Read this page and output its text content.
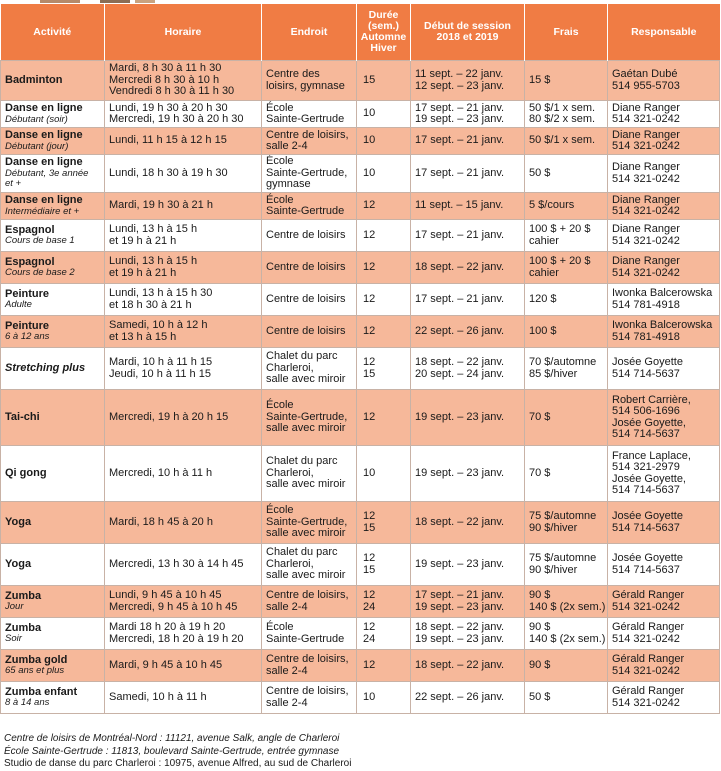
Activité	Horaire	Endroit	Durée
(sem.)
Automne
Hiver	Début de session
2018 et 2019	Frais	Responsable

Badminton	Mardi, 8 h 30 à 11 h 30
Mercredi 8 h 30 à 10 h
Vendredi 8 h 30 à 11 h 30	Centre des
loisirs, gymnase	15	11 sept. – 22 janv.
12 sept. – 23 janv.	15 $	Gaétan Dubé
514 955-5703

Danse en ligne
Débutant (soir)	Lundi, 19 h 30 à 20 h 30
Mercredi, 19 h 30 à 20 h 30	École
Sainte-Gertrude	10	17 sept. – 21 janv.
19 sept. – 23 janv.	50 $/1 x sem.
80 $/2 x sem.	Diane Ranger
514 321-0242

Danse en ligne
Débutant (jour)	Lundi, 11 h 15 à 12 h 15	Centre de loisirs,
salle 2-4	10	17 sept. – 21 janv.	50 $/1 x sem.	Diane Ranger
514 321-0242

Danse en ligne
Débutant, 3e année
et +	Lundi, 18 h 30 à 19 h 30	École
Sainte-Gertrude,
gymnase	10	17 sept. – 21 janv.	50 $	Diane Ranger
514 321-0242

Danse en ligne
Intermédiaire et +	Mardi, 19 h 30 à 21 h	École
Sainte-Gertrude	12	11 sept. – 15 janv.	5 $/cours	Diane Ranger
514 321-0242

Espagnol
Cours de base 1	Lundi, 13 h à 15 h
et 19 h à 21 h	Centre de loisirs	12	17 sept. – 21 janv.	100 $ + 20 $
cahier	Diane Ranger
514 321-0242

Espagnol
Cours de base 2	Lundi, 13 h à 15 h
et 19 h à 21 h	Centre de loisirs	12	18 sept. – 22 janv.	100 $ + 20 $
cahier	Diane Ranger
514 321-0242

Peinture
Adulte	Lundi, 13 h à 15 h 30
et 18 h 30 à 21 h	Centre de loisirs	12	17 sept. – 21 janv.	120 $	Iwonka Balcerowska
514 781-4918

Peinture
6 à 12 ans	Samedi, 10 h à 12 h
et 13 h à 15 h	Centre de loisirs	12	22 sept. – 26 janv.	100 $	Iwonka Balcerowska
514 781-4918

Stretching plus	Mardi, 10 h à 11 h 15
Jeudi, 10 h à 11 h 15	Chalet du parc
Charleroi,
salle avec miroir	12
15	18 sept. – 22 janv.
20 sept. – 24 janv.	70 $/automne
85 $/hiver	Josée Goyette
514 714-5637

Tai-chi	Mercredi, 19 h à 20 h 15	École
Sainte-Gertrude,
salle avec miroir	12	19 sept. – 23 janv.	70 $	Robert Carrière,
514 506-1696
Josée Goyette,
514 714-5637

Qi gong	Mercredi, 10 h à 11 h	Chalet du parc
Charleroi,
salle avec miroir	10	19 sept. – 23 janv.	70 $	France Laplace,
514 321-2979
Josée Goyette,
514 714-5637

Yoga	Mardi, 18 h 45 à 20 h	École
Sainte-Gertrude,
salle avec miroir	12
15	18 sept. – 22 janv.	75 $/automne
90 $/hiver	Josée Goyette
514 714-5637

Yoga	Mercredi, 13 h 30 à 14 h 45	Chalet du parc
Charleroi,
salle avec miroir	12
15	19 sept. – 23 janv.	75 $/automne
90 $/hiver	Josée Goyette
514 714-5637

Zumba
Jour	Lundi, 9 h 45 à 10 h 45
Mercredi, 9 h 45 à 10 h 45	Centre de loisirs,
salle 2-4	12
24	17 sept. – 21 janv.
19 sept. – 23 janv.	90 $
140 $ (2x sem.)	Gérald Ranger
514 321-0242

Zumba
Soir	Mardi 18 h 20 à 19 h 20
Mercredi, 18 h 20 à 19 h 20	École
Sainte-Gertrude	12
24	18 sept. – 22 janv.
19 sept. – 23 janv.	90 $
140 $ (2x sem.)	Gérald Ranger
514 321-0242

Zumba gold
65 ans et plus	Mardi, 9 h 45 à 10 h 45	Centre de loisirs,
salle 2-4	12	18 sept. – 22 janv.	90 $	Gérald Ranger
514 321-0242

Zumba enfant
8 à 14 ans	Samedi, 10 h à 11 h	Centre de loisirs,
salle 2-4	10	22 sept. – 26 janv.	50 $	Gérald Ranger
514 321-0242
Centre de loisirs de Montréal-Nord : 11121, avenue Salk, angle de Charleroi
École Sainte-Gertrude : 11813, boulevard Sainte-Gertrude, entrée gymnase
Studio de danse du parc Charleroi : 10975, avenue Alfred, au sud de Charleroi
